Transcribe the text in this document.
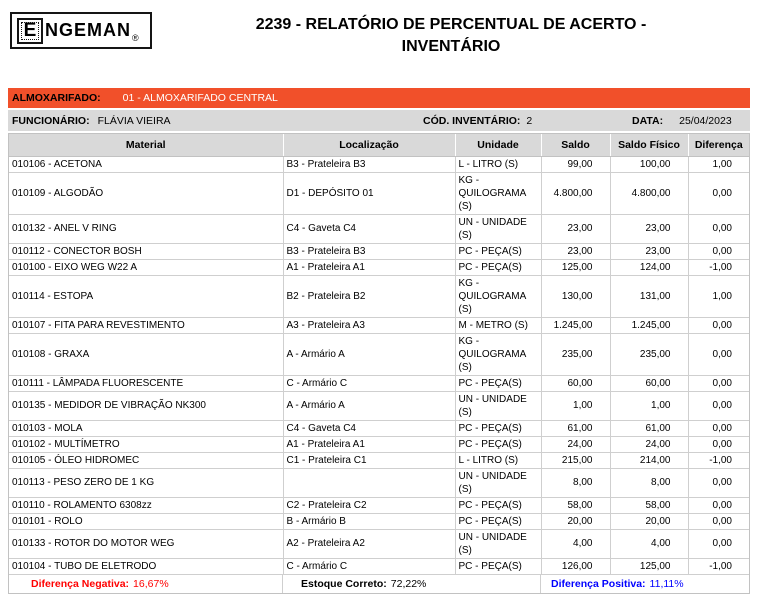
E NGEMAN ®
2239 - RELATÓRIO DE PERCENTUAL DE ACERTO -
INVENTÁRIO
ALMOXARIFADO: 01 - ALMOXARIFADO CENTRAL
FUNCIONÁRIO: FLÁVIA VIEIRA	CÓD. INVENTÁRIO: 2	DATA: 25/04/2023
Material	Localização	Unidade	Saldo	Saldo Físico	Diferença
010106 - ACETONA	B3 - Prateleira B3	L - LITRO (S)	99,00	100,00	1,00
010109 - ALGODÃO	D1 - DEPÓSITO 01	KG - QUILOGRAMA (S)	4.800,00	4.800,00	0,00
010132 - ANEL V RING	C4 - Gaveta C4	UN - UNIDADE (S)	23,00	23,00	0,00
010112 - CONECTOR BOSH	B3 - Prateleira B3	PC - PEÇA(S)	23,00	23,00	0,00
010100 - EIXO WEG W22 A	A1 - Prateleira A1	PC - PEÇA(S)	125,00	124,00	-1,00
010114 - ESTOPA	B2 - Prateleira B2	KG - QUILOGRAMA (S)	130,00	131,00	1,00
010107 - FITA PARA REVESTIMENTO	A3 - Prateleira A3	M - METRO (S)	1.245,00	1.245,00	0,00
010108 - GRAXA	A - Armário A	KG - QUILOGRAMA (S)	235,00	235,00	0,00
010111 - LÂMPADA FLUORESCENTE	C - Armário C	PC - PEÇA(S)	60,00	60,00	0,00
010135 - MEDIDOR DE VIBRAÇÃO NK300	A - Armário A	UN - UNIDADE (S)	1,00	1,00	0,00
010103 - MOLA	C4 - Gaveta C4	PC - PEÇA(S)	61,00	61,00	0,00
010102 - MULTÍMETRO	A1 - Prateleira A1	PC - PEÇA(S)	24,00	24,00	0,00
010105 - ÓLEO HIDROMEC	C1 - Prateleira C1	L - LITRO (S)	215,00	214,00	-1,00
010113 - PESO ZERO DE 1 KG		UN - UNIDADE (S)	8,00	8,00	0,00
010110 - ROLAMENTO 6308zz	C2 - Prateleira C2	PC - PEÇA(S)	58,00	58,00	0,00
010101 - ROLO	B - Armário B	PC - PEÇA(S)	20,00	20,00	0,00
010133 - ROTOR DO MOTOR WEG	A2 - Prateleira A2	UN - UNIDADE (S)	4,00	4,00	0,00
010104 - TUBO DE ELETRODO	C - Armário C	PC - PEÇA(S)	126,00	125,00	-1,00
Diferença Negativa: 16,67%	Estoque Correto: 72,22%	Diferença Positiva: 11,11%
